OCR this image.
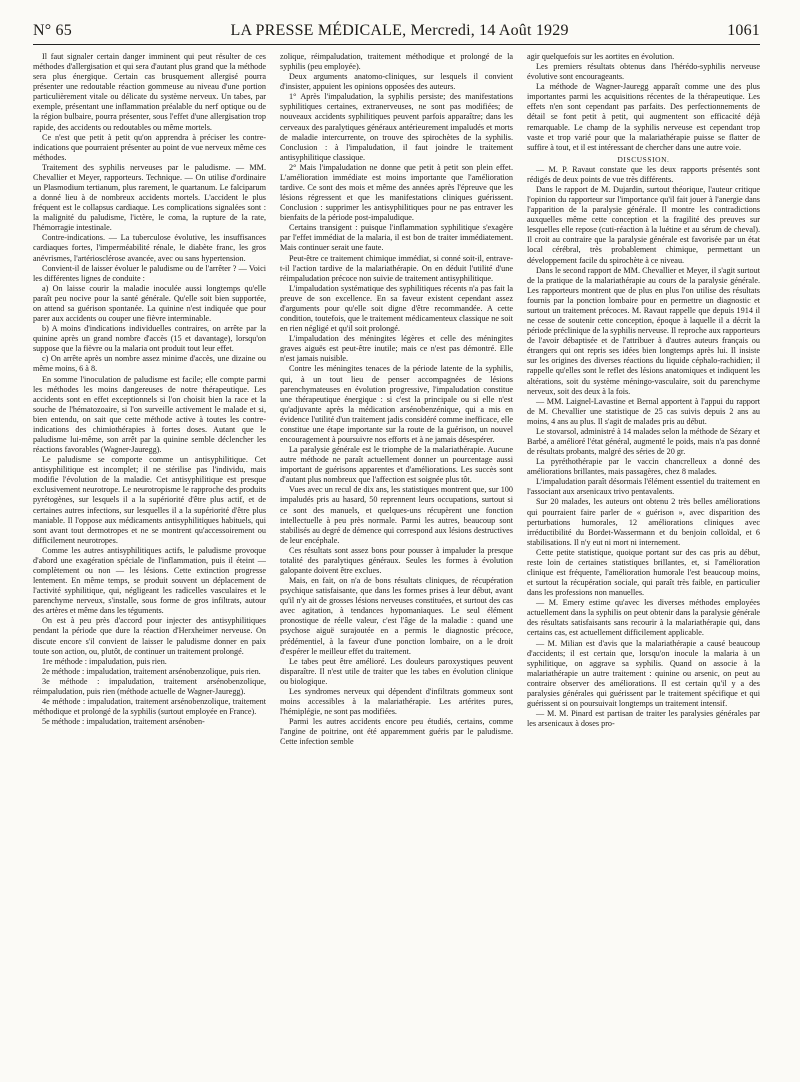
N° 65	LA PRESSE MÉDICALE, Mercredi, 14 Août 1929	1061

Il faut signaler certain danger imminent qui peut résulter de ces méthodes d'allergisation et qui sera d'autant plus grand que la méthode sera plus énergique. Certain cas brusquement allergisé pourra présenter une redoutable réaction gommeuse au niveau d'une portion particulièrement vitale ou délicate du système nerveux. Un tabes, par exemple, présentant une inflammation préalable du nerf optique ou de la région bulbaire, pourra présenter, sous l'effet d'une allergisation trop rapide, des accidents ou redoutables ou même mortels.

Ce n'est que petit à petit qu'on apprendra à préciser les contre-indications que pourraient présenter au point de vue nerveux même ces méthodes.

Traitement des syphilis nerveuses par le paludisme. — MM. Chevallier et Meyer, rapporteurs. Technique. — On utilise d'ordinaire un Plasmodium tertianum, plus rarement, le quartanum. Le falciparum a donné lieu à de nombreux accidents mortels. L'accident le plus fréquent est le collapsus cardiaque. Les complications signalées sont : la malignité du paludisme, l'ictère, le coma, la rupture de la rate, l'hémorragie intestinale.

Contre-indications. — La tuberculose évolutive, les insuffisances cardiaques fortes, l'imperméabilité rénale, le diabète franc, les gros anévrismes, l'artériosclérose avancée, avec ou sans hypertension.

Convient-il de laisser évoluer le paludisme ou de l'arrêter ? — Voici les différentes lignes de conduite :

a) On laisse courir la maladie inoculée aussi longtemps qu'elle paraît peu nocive pour la santé générale. Qu'elle soit bien supportée, on attend sa guérison spontanée. La quinine n'est indiquée que pour parer aux accidents ou couper une fièvre interminable.

b) A moins d'indications individuelles contraires, on arrête par la quinine après un grand nombre d'accès (15 et davantage), lorsqu'on suppose que la fièvre ou la malaria ont produit tout leur effet.

c) On arrête après un nombre assez minime d'accès, une dizaine ou même moins, 6 à 8.

En somme l'inoculation de paludisme est facile; elle compte parmi les méthodes les moins dangereuses de notre thérapeutique. Les accidents sont en effet exceptionnels si l'on choisit bien la race et la souche de l'hématozoaire, si l'on surveille activement le malade et si, bien entendu, on sait que cette méthode active à toutes les contre-indications des chimiothérapies à fortes doses. Autant que le paludisme lui-même, son arrêt par la quinine semble déclencher les réactions favorables (Wagner-Jauregg).

Le paludisme se comporte comme un antisyphilitique. Cet antisyphilitique est incomplet; il ne stérilise pas l'individu, mais modifie l'évolution de la maladie. Cet antisyphilitique est presque exclusivement neurotrope. Le neurotropisme le rapproche des produits pyrétogènes, sur lesquels il a la supériorité d'être plus actif, et de certaines autres infections, sur lesquelles il a la supériorité d'être plus maniable. Il l'oppose aux médicaments antisyphilitiques habituels, qui sont avant tout dermotropes et ne se montrent qu'accessoirement ou difficilement neurotropes.

Comme les autres antisyphilitiques actifs, le paludisme provoque d'abord une exagération spéciale de l'inflammation, puis il éteint — complètement ou non — les lésions. Cette extinction progresse lentement. En même temps, se produit souvent un déplacement de l'activité syphilitique, qui, négligeant les radicelles vasculaires et le parenchyme nerveux, s'installe, sous forme de gros infiltrats, autour des artères et même dans les téguments.

On est à peu près d'accord pour injecter des antisyphilitiques pendant la période que dure la réaction d'Herxheimer nerveuse. On discute encore s'il convient de laisser le paludisme donner en paix toute son action, ou, plutôt, de continuer un traitement prolongé.

1re méthode : impaludation, puis rien.

2e méthode : impaludation, traitement arsénobenzolique, puis rien.

3e méthode : impaludation, traitement arsénobenzolique, réimpaludation, puis rien (méthode actuelle de Wagner-Jauregg).

4e méthode : impaludation, traitement arsénobenzolique, traitement méthodique et prolongé de la syphilis (surtout employée en France).

5e méthode : impaludation, traitement arsénoben-

zolique, réimpaludation, traitement méthodique et prolongé de la syphilis (peu employée).

Deux arguments anatomo-cliniques, sur lesquels il convient d'insister, appuient les opinions opposées des auteurs.

1° Après l'impaludation, la syphilis persiste; des manifestations syphilitiques certaines, extranerveuses, ne sont pas modifiées; de nouveaux accidents syphilitiques peuvent parfois apparaître; dans les cerveaux des paralytiques généraux antérieurement impaludés et morts de maladie intercurrente, on trouve des spirochètes de la syphilis. Conclusion : à l'impaludation, il faut joindre le traitement antisyphilitique classique.

2° Mais l'impaludation ne donne que petit à petit son plein effet. L'amélioration immédiate est moins importante que l'amélioration tardive. Ce sont des mois et même des années après l'épreuve que les lésions régressent et que les manifestations cliniques guérissent. Conclusion : supprimer les antisyphilitiques pour ne pas entraver les bienfaits de la période post-impaludique.

Certains transigent : puisque l'inflammation syphilitique s'exagère par l'effet immédiat de la malaria, il est bon de traiter immédiatement. Mais continuer serait une faute.

Peut-être ce traitement chimique immédiat, si conné soit-il, entrave-t-il l'action tardive de la malariathérapie. On en déduit l'utilité d'une réimpaludation précoce non suivie de traitement antisyphilitique.

L'impaludation systématique des syphilitiques récents n'a pas fait la preuve de son excellence. En sa faveur existent cependant assez d'arguments pour qu'elle soit digne d'être recommandée. A cette condition, toutefois, que le traitement médicamenteux classique ne soit en rien négligé et qu'il soit prolongé.

L'impaludation des méningites légères et celle des méningites graves aiguës est peut-être inutile; mais ce n'est pas démontré. Elle n'est jamais nuisible.

Contre les méningites tenaces de la période latente de la syphilis, qui, à un tout lieu de penser accompagnées de lésions parenchymateuses en évolution progressive, l'impaludation constitue une thérapeutique énergique : si c'est la principale ou si elle n'est qu'adjuvante après la médication arsénobenzénique, qui a mis en évidence l'utilité d'un traitement jadis considéré comme inefficace, elle constitue une étape importante sur la route de la guérison, un nouvel encouragement à poursuivre nos efforts et à ne jamais désespérer.

La paralysie générale est le triomphe de la malariathérapie. Aucune autre méthode ne paraît actuellement donner un pourcentage aussi important de guérisons apparentes et d'améliorations. Les succès sont d'autant plus nombreux que l'affection est soignée plus tôt.

Vues avec un recul de dix ans, les statistiques montrent que, sur 100 impaludés pris au hasard, 50 reprennent leurs occupations, surtout si ce sont des manuels, et quelques-uns récupèrent une fonction intellectuelle à peu près normale. Parmi les autres, beaucoup sont stabilisés au degré de démence qui correspond aux lésions destructives de leur encéphale.

Ces résultats sont assez bons pour pousser à impaluder la presque totalité des paralytiques généraux. Seules les formes à évolution galopante doivent être exclues.

Mais, en fait, on n'a de bons résultats cliniques, de récupération psychique satisfaisante, que dans les formes prises à leur début, avant qu'il n'y ait de grosses lésions nerveuses constituées, et surtout des cas avec agitation, à tendances hypomaniaques. Le seul élément pronostique de réelle valeur, c'est l'âge de la maladie : quand une psychose aiguë surajoutée en a permis le diagnostic précoce, prédémentiel, à la faveur d'une ponction lombaire, on a le droit d'espérer le meilleur effet du traitement.

Le tabes peut être amélioré. Les douleurs paroxystiques peuvent disparaître. Il n'est utile de traiter que les tabes en évolution clinique ou biologique.

Les syndromes nerveux qui dépendent d'infiltrats gommeux sont moins accessibles à la malariathérapie. Les artérites pures, l'hémiplégie, ne sont pas modifiées.

Parmi les autres accidents encore peu étudiés, certains, comme l'angine de poitrine, ont été apparemment guéris par le paludisme. Cette infection semble

agir quelquefois sur les aortites en évolution.

Les premiers résultats obtenus dans l'hérédo-syphilis nerveuse évolutive sont encourageants.

La méthode de Wagner-Jauregg apparaît comme une des plus importantes parmi les acquisitions récentes de la thérapeutique. Les effets n'en sont cependant pas parfaits. Des perfectionnements de détail se font petit à petit, qui augmentent son efficacité déjà remarquable. Le champ de la syphilis nerveuse est cependant trop vaste et trop varié pour que la malariathérapie puisse se flatter de suffire à tout, et il est intéressant de chercher dans une autre voie.

DISCUSSION.

— M. P. Ravaut constate que les deux rapports présentés sont rédigés de deux points de vue très différents.

Dans le rapport de M. Dujardin, surtout théorique, l'auteur critique l'opinion du rapporteur sur l'importance qu'il fait jouer à l'anergie dans l'apparition de la paralysie générale. Il montre les contradictions auxquelles même cette conception et la fragilité des preuves sur lesquelles elle repose (cuti-réaction à la luétine et au sérum de cheval). Il croit au contraire que la paralysie générale est favorisée par un état local cérébral, très probablement chimique, permettant un développement facile du spirochète à ce niveau.

Dans le second rapport de MM. Chevallier et Meyer, il s'agit surtout de la pratique de la malariathérapie au cours de la paralysie générale. Les rapporteurs montrent que de plus en plus l'on utilise des résultats fournis par la ponction lombaire pour en permettre un diagnostic et surtout un traitement précoces. M. Ravaut rappelle que depuis 1914 il ne cesse de soutenir cette conception, époque à laquelle il a décrit la période préclinique de la syphilis nerveuse. Il reproche aux rapporteurs de l'avoir débaptisée et de l'attribuer à d'autres auteurs français ou étrangers qui ont repris ses idées bien longtemps après lui. Il insiste sur les origines des diverses réactions du liquide céphalo-rachidien; il rappelle qu'elles sont le reflet des lésions anatomiques et indiquent les altérations, soit du système méningo-vasculaire, soit du parenchyme nerveux, soit des deux à la fois.

— MM. Laignel-Lavastine et Bernal apportent à l'appui du rapport de M. Chevallier une statistique de 25 cas suivis depuis 2 ans au moins, 4 ans au plus. Il s'agit de malades pris au début.

Le stovarsol, administré à 14 malades selon la méthode de Sézary et Barbé, a amélioré l'état général, augmenté le poids, mais n'a pas donné de résultats probants, malgré des séries de 20 gr.

La pyréthothérapie par le vaccin chancrelleux a donné des améliorations brillantes, mais passagères, chez 8 malades.

L'impaludation paraît désormais l'élément essentiel du traitement en l'associant aux arsenicaux trivo pentavalents.

Sur 20 malades, les auteurs ont obtenu 2 très belles améliorations qui pourraient faire parler de « guérison », avec disparition des perturbations humorales, 12 améliorations cliniques avec irréductibilité du Bordet-Wassermann et du benjoin colloïdal, et 6 stabilisations. Il n'y eut ni mort ni internement.

Cette petite statistique, quoique portant sur des cas pris au début, reste loin de certaines statistiques brillantes, et, si l'amélioration clinique est fréquente, l'amélioration humorale l'est beaucoup moins, et surtout la récupération sociale, qui paraît très faible, en particulier dans les professions non manuelles.

— M. Emery estime qu'avec les diverses méthodes employées actuellement dans la syphilis on peut obtenir dans la paralysie générale des résultats satisfaisants sans recourir à la malariathérapie qui, dans certains cas, est actuellement difficilement applicable.

— M. Milian est d'avis que la malariathérapie a causé beaucoup d'accidents; il est certain que, lorsqu'on inocule la malaria à un syphilitique, on aggrave sa syphilis. Quand on associe à la malariathérapie un autre traitement : quinine ou arsenic, on peut au contraire observer des améliorations. Il est certain qu'il y a des paralysies générales qui guérissent par le traitement spécifique et qui guérissent si on poursuivait longtemps un traitement intensif.

— M. M. Pinard est partisan de traiter les paralysies générales par les arsenicaux à doses pro-
